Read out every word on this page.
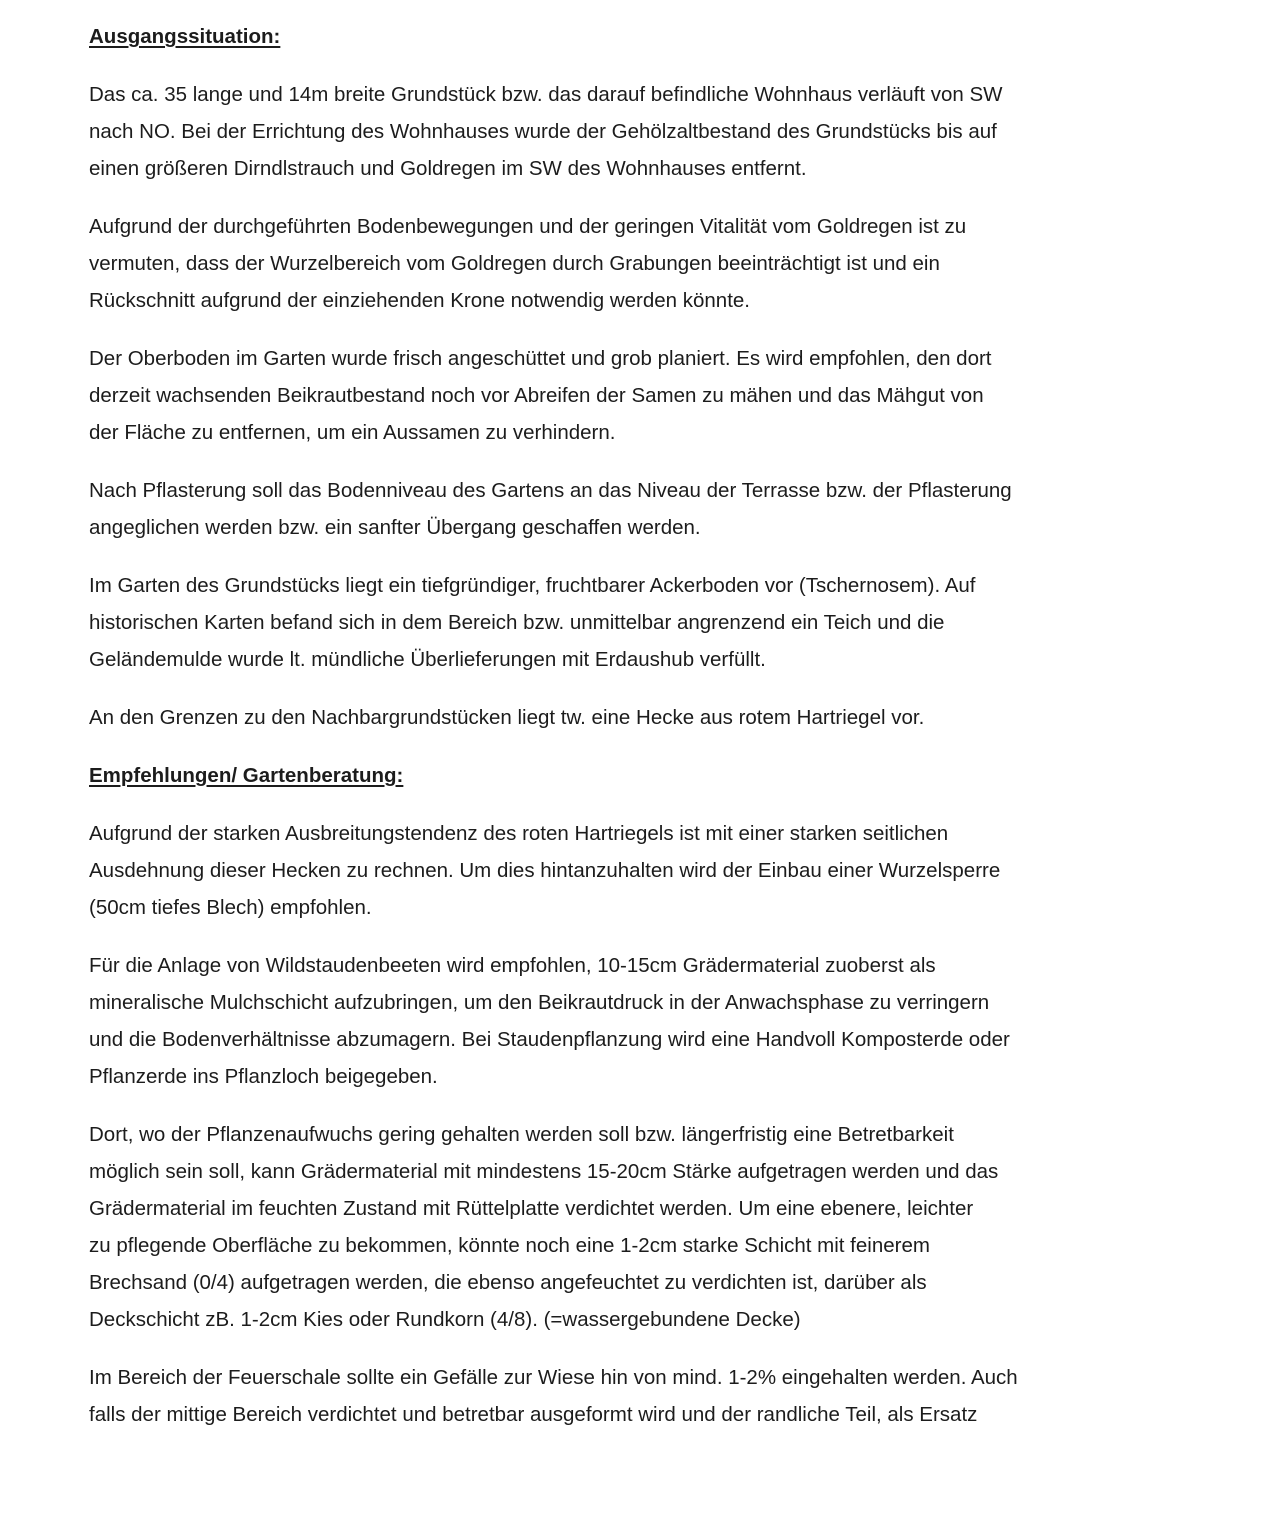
Ausgangssituation:
Das ca. 35 lange und 14m breite Grundstück bzw. das darauf befindliche Wohnhaus verläuft von SW
nach NO. Bei der Errichtung des Wohnhauses wurde der Gehölzaltbestand des Grundstücks bis auf
einen größeren Dirndlstrauch und Goldregen im SW des Wohnhauses entfernt.
Aufgrund der durchgeführten Bodenbewegungen und der geringen Vitalität vom Goldregen ist zu
vermuten, dass der Wurzelbereich vom Goldregen durch Grabungen beeinträchtigt ist und ein
Rückschnitt aufgrund der einziehenden Krone notwendig werden könnte.
Der Oberboden im Garten wurde frisch angeschüttet und grob planiert. Es wird empfohlen, den dort
derzeit wachsenden Beikrautbestand noch vor Abreifen der Samen zu mähen und das Mähgut von
der Fläche zu entfernen, um ein Aussamen zu verhindern.
Nach Pflasterung soll das Bodenniveau des Gartens an das Niveau der Terrasse bzw. der Pflasterung
angeglichen werden bzw. ein sanfter Übergang geschaffen werden.
Im Garten des Grundstücks liegt ein tiefgründiger, fruchtbarer Ackerboden vor (Tschernosem). Auf
historischen Karten befand sich in dem Bereich bzw. unmittelbar angrenzend ein Teich und die
Geländemulde wurde lt. mündliche Überlieferungen mit Erdaushub verfüllt.
An den Grenzen zu den Nachbargrundstücken liegt tw. eine Hecke aus rotem Hartriegel vor.
Empfehlungen/ Gartenberatung:
Aufgrund der starken Ausbreitungstendenz des roten Hartriegels ist mit einer starken seitlichen
Ausdehnung dieser Hecken zu rechnen. Um dies hintanzuhalten wird der Einbau einer Wurzelsperre
(50cm tiefes Blech) empfohlen.
Für die Anlage von Wildstaudenbeeten wird empfohlen, 10-15cm Grädermaterial zuoberst als
mineralische Mulchschicht aufzubringen, um den Beikrautdruck in der Anwachsphase zu verringern
und die Bodenverhältnisse abzumagern. Bei Staudenpflanzung wird eine Handvoll Komposterde oder
Pflanzerde ins Pflanzloch beigegeben.
Dort, wo der Pflanzenaufwuchs gering gehalten werden soll bzw. längerfristig eine Betretbarkeit
möglich sein soll, kann Grädermaterial mit mindestens 15-20cm Stärke aufgetragen werden und das
Grädermaterial im feuchten Zustand mit Rüttelplatte verdichtet werden. Um eine ebenere, leichter
zu pflegende Oberfläche zu bekommen, könnte noch eine 1-2cm starke Schicht mit feinerem
Brechsand (0/4) aufgetragen werden, die ebenso angefeuchtet zu verdichten ist, darüber als
Deckschicht zB. 1-2cm Kies oder Rundkorn (4/8). (=wassergebundene Decke)
Im Bereich der Feuerschale sollte ein Gefälle zur Wiese hin von mind. 1-2% eingehalten werden. Auch
falls der mittige Bereich verdichtet und betretbar ausgeformt wird und der randliche Teil, als Ersatz
